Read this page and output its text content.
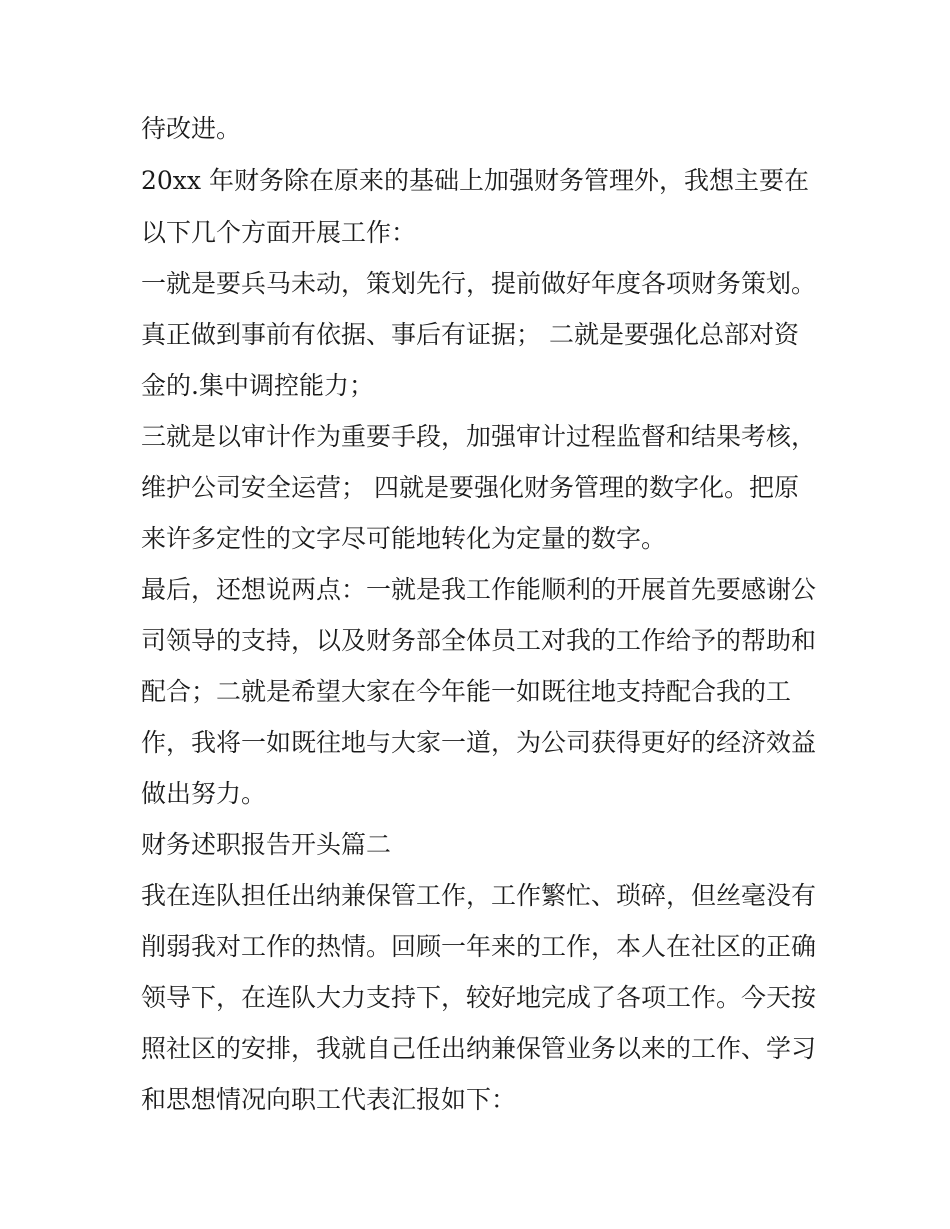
待改进。
20xx 年财务除在原来的基础上加强财务管理外，我想主要在
以下几个方面开展工作：
一就是要兵马未动，策划先行，提前做好年度各项财务策划。
真正做到事前有依据、事后有证据； 二就是要强化总部对资
金的.集中调控能力；
三就是以审计作为重要手段，加强审计过程监督和结果考核，
维护公司安全运营； 四就是要强化财务管理的数字化。把原
来许多定性的文字尽可能地转化为定量的数字。
最后，还想说两点：一就是我工作能顺利的开展首先要感谢公
司领导的支持，以及财务部全体员工对我的工作给予的帮助和
配合；二就是希望大家在今年能一如既往地支持配合我的工
作，我将一如既往地与大家一道，为公司获得更好的经济效益
做出努力。
财务述职报告开头篇二
我在连队担任出纳兼保管工作，工作繁忙、琐碎，但丝毫没有
削弱我对工作的热情。回顾一年来的工作，本人在社区的正确
领导下，在连队大力支持下，较好地完成了各项工作。今天按
照社区的安排，我就自己任出纳兼保管业务以来的工作、学习
和思想情况向职工代表汇报如下：
